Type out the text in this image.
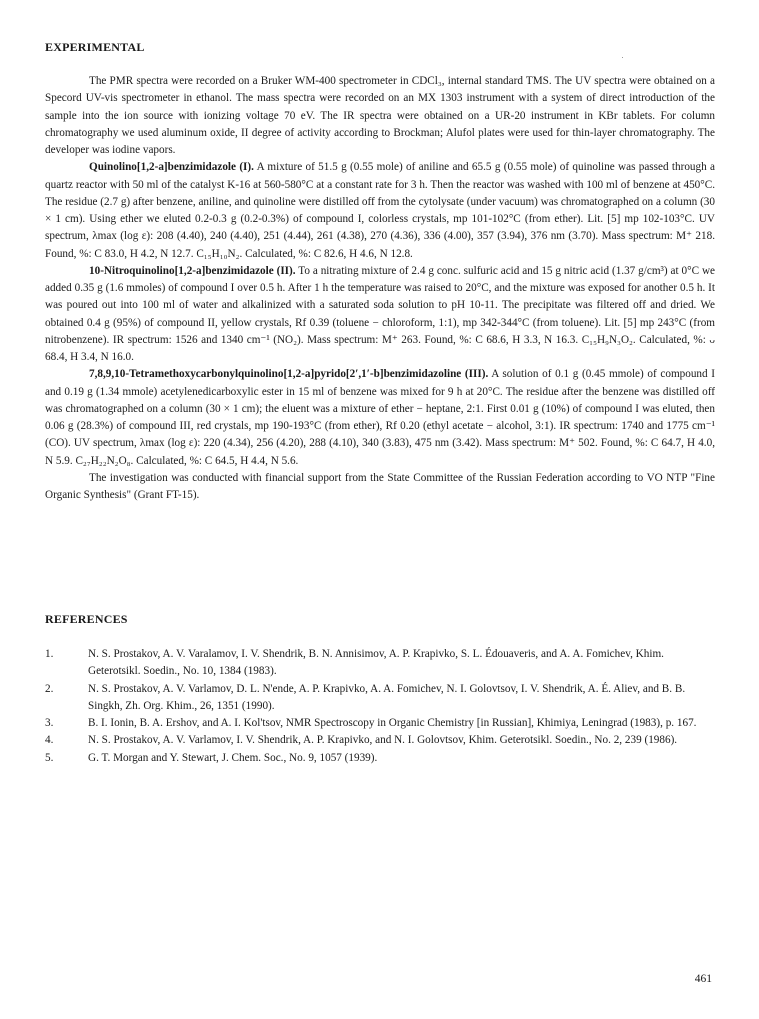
EXPERIMENTAL

The PMR spectra were recorded on a Bruker WM-400 spectrometer in CDCl₃, internal standard TMS. The UV spectra were obtained on a Specord UV-vis spectrometer in ethanol. The mass spectra were recorded on an MX 1303 instrument with a system of direct introduction of the sample into the ion source with ionizing voltage 70 eV. The IR spectra were obtained on a UR-20 instrument in KBr tablets. For column chromatography we used aluminum oxide, II degree of activity according to Brockman; Alufol plates were used for thin-layer chromatography. The developer was iodine vapors.

Quinolino[1,2-a]benzimidazole (I). A mixture of 51.5 g (0.55 mole) of aniline and 65.5 g (0.55 mole) of quinoline was passed through a quartz reactor with 50 ml of the catalyst K-16 at 560-580°C at a constant rate for 3 h. Then the reactor was washed with 100 ml of benzene at 450°C. The residue (2.7 g) after benzene, aniline, and quinoline were distilled off from the cytolysate (under vacuum) was chromatographed on a column (30 × 1 cm). Using ether we eluted 0.2-0.3 g (0.2-0.3%) of compound I, colorless crystals, mp 101-102°C (from ether). Lit. [5] mp 102-103°C. UV spectrum, λmax (log ε): 208 (4.40), 240 (4.40), 251 (4.44), 261 (4.38), 270 (4.36), 336 (4.00), 357 (3.94), 376 nm (3.70). Mass spectrum: M⁺ 218. Found, %: C 83.0, H 4.2, N 12.7. C₁₅H₁₀N₂. Calculated, %: C 82.6, H 4.6, N 12.8.

10-Nitroquinolino[1,2-a]benzimidazole (II). To a nitrating mixture of 2.4 g conc. sulfuric acid and 15 g nitric acid (1.37 g/cm³) at 0°C we added 0.35 g (1.6 mmoles) of compound I over 0.5 h. After 1 h the temperature was raised to 20°C, and the mixture was exposed for another 0.5 h. It was poured out into 100 ml of water and alkalinized with a saturated soda solution to pH 10-11. The precipitate was filtered off and dried. We obtained 0.4 g (95%) of compound II, yellow crystals, Rf 0.39 (toluene − chloroform, 1:1), mp 342-344°C (from toluene). Lit. [5] mp 243°C (from nitrobenzene). IR spectrum: 1526 and 1340 cm⁻¹ (NO₂). Mass spectrum: M⁺ 263. Found, %: C 68.6, H 3.3, N 16.3. C₁₅H₉N₃O₂. Calculated, %: ᴗ 68.4, H 3.4, N 16.0.

7,8,9,10-Tetramethoxycarbonylquinolino[1,2-a]pyrido[2′,1′-b]benzimidazoline (III). A solution of 0.1 g (0.45 mmole) of compound I and 0.19 g (1.34 mmole) acetylenedicarboxylic ester in 15 ml of benzene was mixed for 9 h at 20°C. The residue after the benzene was distilled off was chromatographed on a column (30 × 1 cm); the eluent was a mixture of ether − heptane, 2:1. First 0.01 g (10%) of compound I was eluted, then 0.06 g (28.3%) of compound III, red crystals, mp 190-193°C (from ether), Rf 0.20 (ethyl acetate − alcohol, 3:1). IR spectrum: 1740 and 1775 cm⁻¹ (CO). UV spectrum, λmax (log ε): 220 (4.34), 256 (4.20), 288 (4.10), 340 (3.83), 475 nm (3.42). Mass spectrum: M⁺ 502. Found, %: C 64.7, H 4.0, N 5.9. C₂₇H₂₂N₂O₈. Calculated, %: C 64.5, H 4.4, N 5.6.

The investigation was conducted with financial support from the State Committee of the Russian Federation according to VO NTP "Fine Organic Synthesis" (Grant FT-15).

REFERENCES
1.	N. S. Prostakov, A. V. Varalamov, I. V. Shendrik, B. N. Annisimov, A. P. Krapivko, S. L. Édouaveris, and A. A. Fomichev, Khim. Geterotsikl. Soedin., No. 10, 1384 (1983).
2.	N. S. Prostakov, A. V. Varlamov, D. L. N'ende, A. P. Krapivko, A. A. Fomichev, N. I. Golovtsov, I. V. Shendrik, A. É. Aliev, and B. B. Singkh, Zh. Org. Khim., 26, 1351 (1990).
3.	B. I. Ionin, B. A. Ershov, and A. I. Kol'tsov, NMR Spectroscopy in Organic Chemistry [in Russian], Khimiya, Leningrad (1983), p. 167.
4.	N. S. Prostakov, A. V. Varlamov, I. V. Shendrik, A. P. Krapivko, and N. I. Golovtsov, Khim. Geterotsikl. Soedin., No. 2, 239 (1986).
5.	G. T. Morgan and Y. Stewart, J. Chem. Soc., No. 9, 1057 (1939).
461
